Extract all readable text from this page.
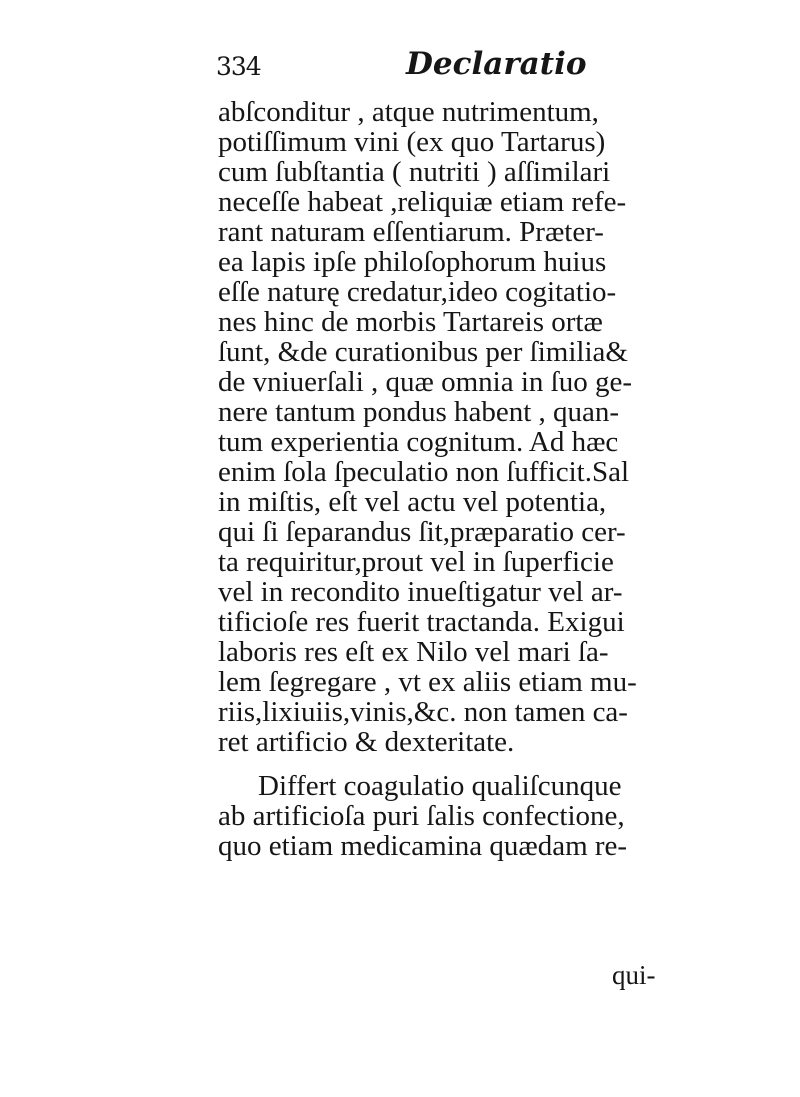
334	Declaratio
abſconditur , atque nutrimentum,
potiſſimum vini (ex quo Tartarus)
cum ſubſtantia ( nutriti ) aſſimilari
neceſſe habeat ,reliquiæ etiam refe-
rant naturam eſſentiarum. Præter-
ea lapis ipſe philoſophorum huius
eſſe naturę credatur,ideo cogitatio-
nes hinc de morbis Tartareis ortæ
ſunt, &de curationibus per ſimilia&
de vniuerſali , quæ omnia in ſuo ge-
nere tantum pondus habent , quan-
tum experientia cognitum. Ad hæc
enim ſola ſpeculatio non ſufficit.Sal
in miſtis, eſt vel actu vel potentia,
qui ſi ſeparandus ſit,præparatio cer-
ta requiritur,prout vel in ſuperficie
vel in recondito inueſtigatur vel ar-
tificioſe res fuerit tractanda. Exigui
laboris res eſt ex Nilo vel mari ſa-
lem ſegregare , vt ex aliis etiam mu-
riis,lixiuiis,vinis,&c. non tamen ca-
ret artificio & dexteritate.
Differt coagulatio qualiſcunque
ab artificioſa puri ſalis confectione,
quo etiam medicamina quædam re-
qui-
